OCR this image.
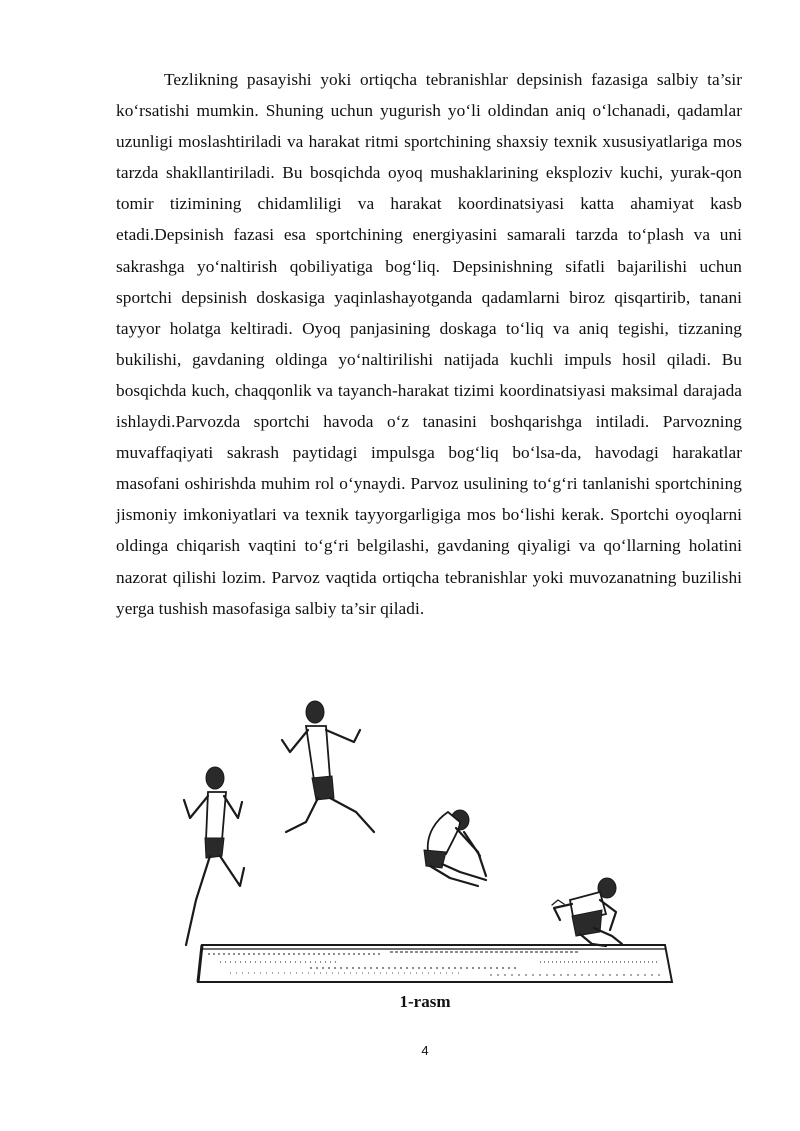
Tezlikning pasayishi yoki ortiqcha tebranishlar depsinish fazasiga salbiy ta’sir ko‘rsatishi mumkin. Shuning uchun yugurish yo‘li oldindan aniq o‘lchanadi, qadamlar uzunligi moslashtiriladi va harakat ritmi sportchining shaxsiy texnik xususiyatlariga mos tarzda shakllantiriladi. Bu bosqichda oyoq mushaklarining eksploziv kuchi, yurak-qon tomir tizimining chidamliligi va harakat koordinatsiyasi katta ahamiyat kasb etadi.Depsinish fazasi esa sportchining energiyasini samarali tarzda to‘plash va uni sakrashga yo‘naltirish qobiliyatiga bog‘liq. Depsinishning sifatli bajarilishi uchun sportchi depsinish doskasiga yaqinlashayotganda qadamlarni biroz qisqartirib, tanani tayyor holatga keltiradi. Oyoq panjasining doskaga to‘liq va aniq tegishi, tizzaning bukilishi, gavdaning oldinga yo‘naltirilishi natijada kuchli impuls hosil qiladi. Bu bosqichda kuch, chaqqonlik va tayanch-harakat tizimi koordinatsiyasi maksimal darajada ishlaydi.Parvozda sportchi havoda o‘z tanasini boshqarishga intiladi. Parvozning muvaffaqiyati sakrash paytidagi impulsga bog‘liq bo‘lsa-da, havodagi harakatlar masofani oshirishda muhim rol o‘ynaydi. Parvoz usulining to‘g‘ri tanlanishi sportchining jismoniy imkoniyatlari va texnik tayyorgarligiga mos bo‘lishi kerak. Sportchi oyoqlarni oldinga chiqarish vaqtini to‘g‘ri belgilashi, gavdaning qiyaligi va qo‘llarning holatini nazorat qilishi lozim. Parvoz vaqtida ortiqcha tebranishlar yoki muvozanatning buzilishi yerga tushish masofasiga salbiy ta’sir qiladi.

1-rasm
4
